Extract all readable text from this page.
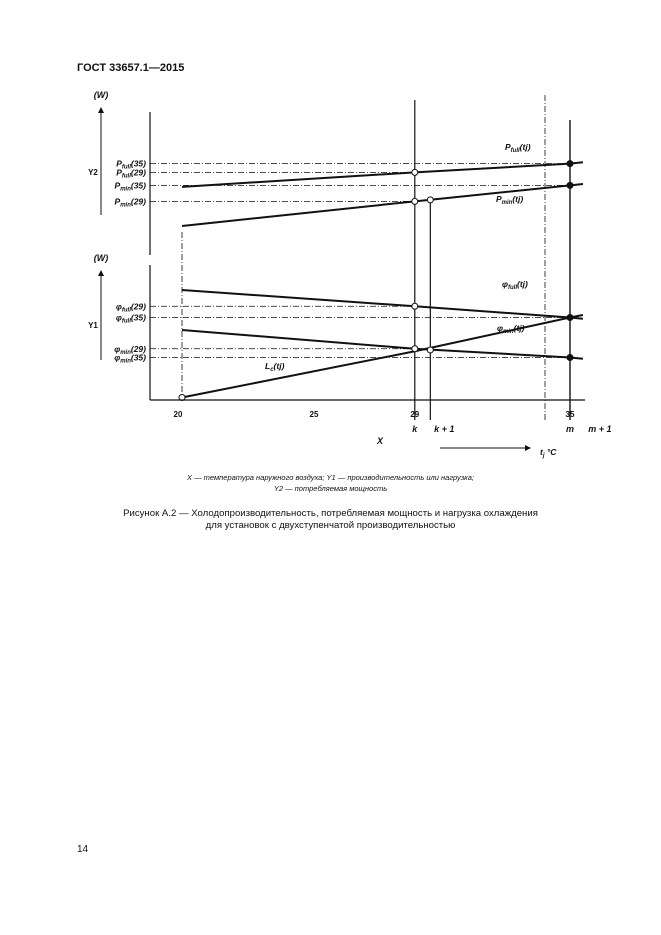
ГОСТ 33657.1—2015
(W)
Y2
$P_{full}(35)$
$P_{full}(29)$
$P_{min}(35)$
$P_{min}(29)$
(W)
Y1
$\varphi_{full}(29)$
$\varphi_{full}(35)$
$\varphi_{min}(29)$
$\varphi_{min}(35)$
$P_{full}(tj)$
$P_{min}(tj)$
$\varphi_{full}(tj)$
$\varphi_{min}(tj)$
$L_c(tj)$
20	25	29	35
k k + 1	m m + 1
X
$t_j$ °C
X — температура наружного воздуха; Y1 — производительность или нагрузка;
Y2 — потребляемая мощность
Рисунок А.2 — Холодопроизводительность, потребляемая мощность и нагрузка охлаждения
для установок с двухступенчатой производительностью
14
